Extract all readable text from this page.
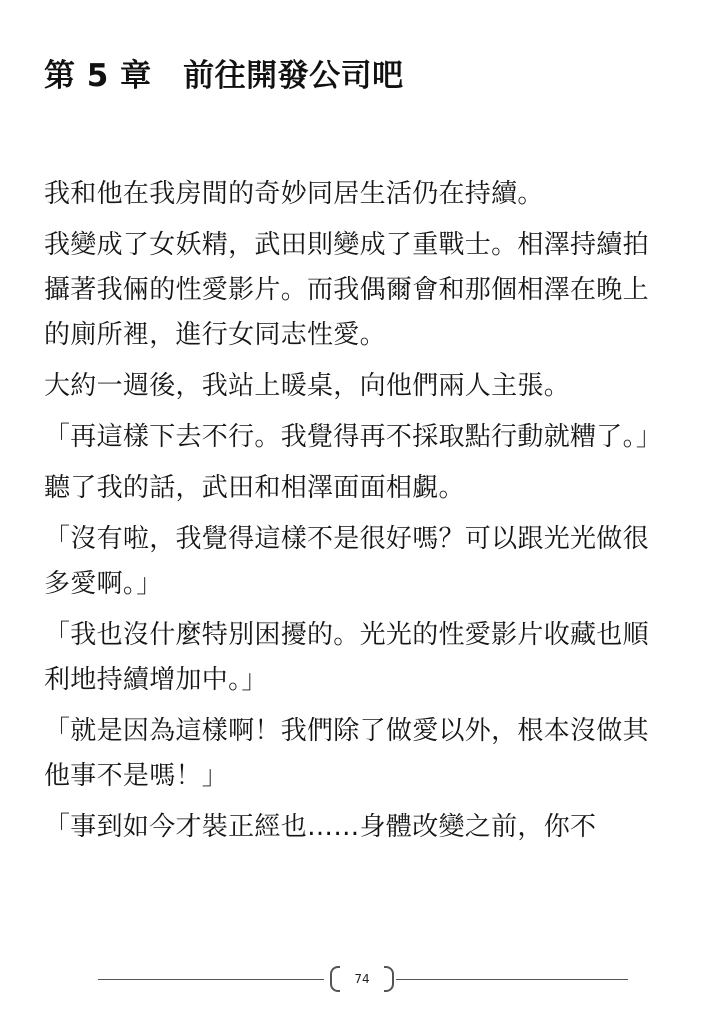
第 5 章　前往開發公司吧

我和他在我房間的奇妙同居生活仍在持續。

我變成了女妖精，武田則變成了重戰士。相澤持續拍攝著我倆的性愛影片。而我偶爾會和那個相澤在晚上的廁所裡，進行女同志性愛。

大約一週後，我站上暖桌，向他們兩人主張。

「再這樣下去不行。我覺得再不採取點行動就糟了。」

聽了我的話，武田和相澤面面相覷。

「沒有啦，我覺得這樣不是很好嗎？可以跟光光做很多愛啊。」

「我也沒什麼特別困擾的。光光的性愛影片收藏也順利地持續增加中。」

「就是因為這樣啊！我們除了做愛以外，根本沒做其他事不是嗎！」

「事到如今才裝正經也……身體改變之前，你不

74
